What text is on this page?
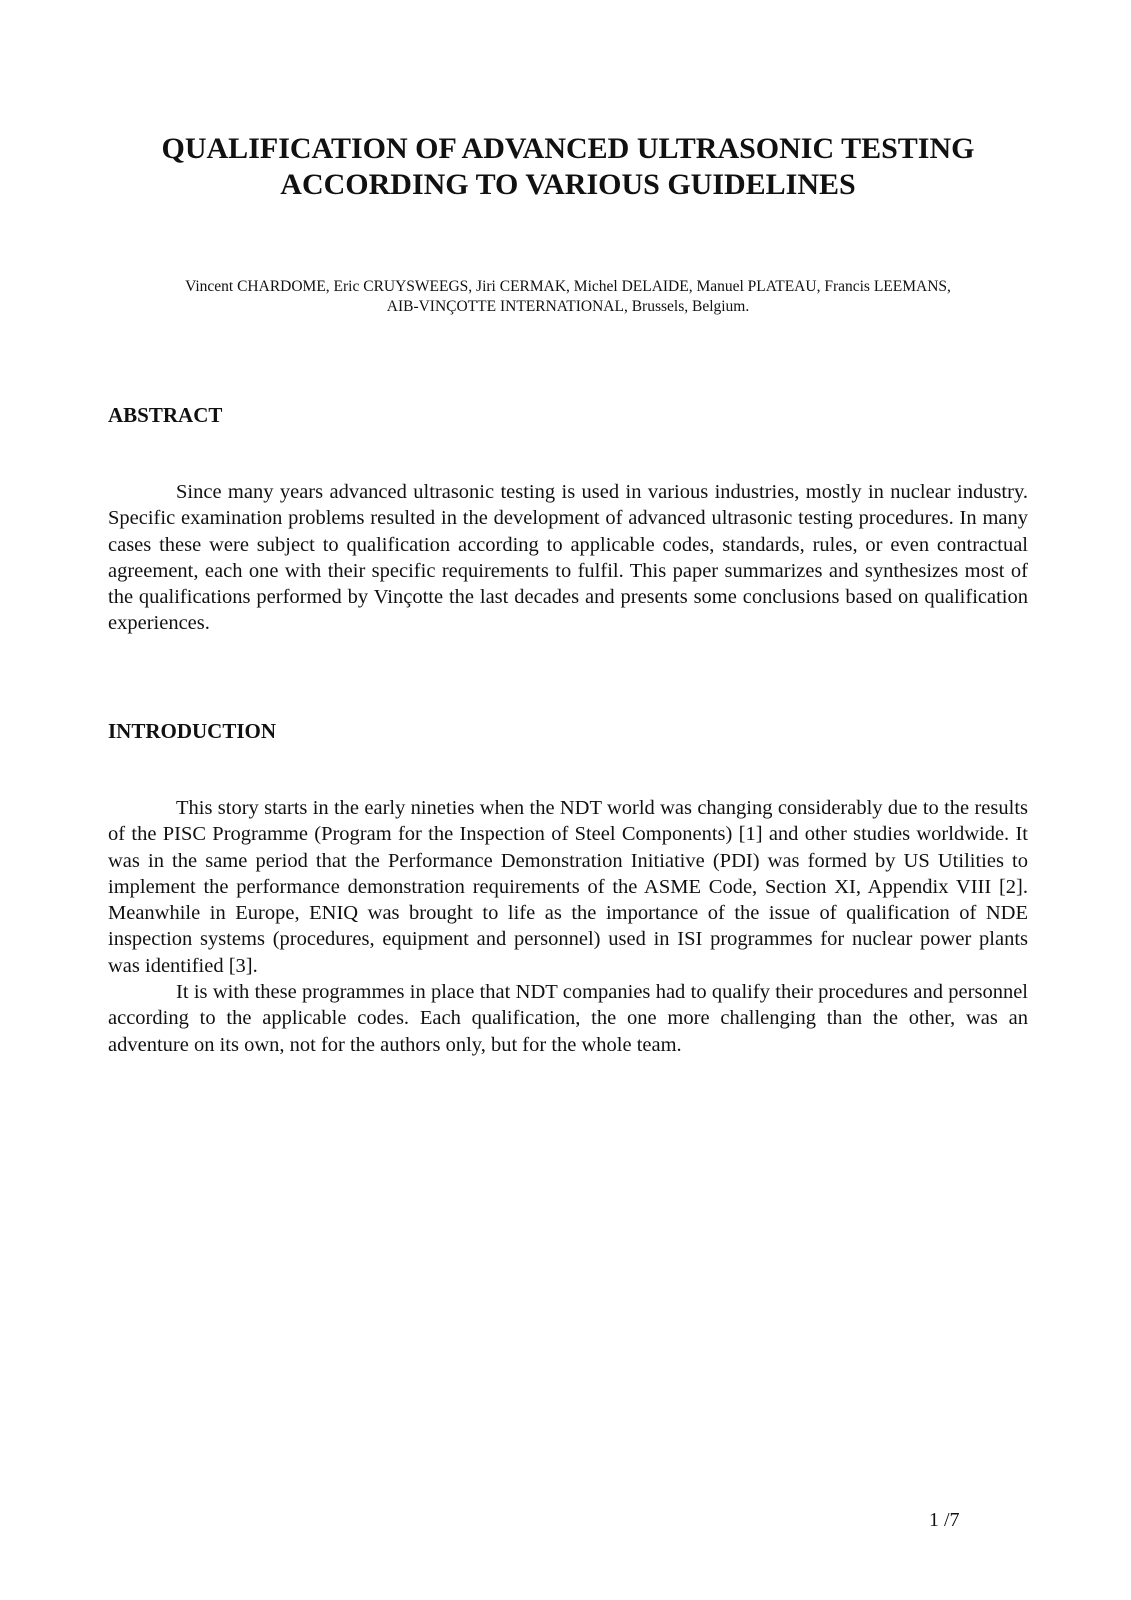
QUALIFICATION OF ADVANCED ULTRASONIC TESTING
ACCORDING TO VARIOUS GUIDELINES
Vincent CHARDOME, Eric CRUYSWEEGS, Jiri CERMAK, Michel DELAIDE, Manuel PLATEAU, Francis LEEMANS,
AIB-VINÇOTTE INTERNATIONAL, Brussels, Belgium.
ABSTRACT

Since many years advanced ultrasonic testing is used in various industries, mostly in nuclear industry. Specific examination problems resulted in the development of advanced ultrasonic testing procedures. In many cases these were subject to qualification according to applicable codes, standards, rules, or even contractual agreement, each one with their specific requirements to fulfil. This paper summarizes and synthesizes most of the qualifications performed by Vinçotte the last decades and presents some conclusions based on qualification experiences.

INTRODUCTION

This story starts in the early nineties when the NDT world was changing considerably due to the results of the PISC Programme (Program for the Inspection of Steel Components) [1] and other studies worldwide. It was in the same period that the Performance Demonstration Initiative (PDI) was formed by US Utilities to implement the performance demonstration requirements of the ASME Code, Section XI, Appendix VIII [2]. Meanwhile in Europe, ENIQ was brought to life as the importance of the issue of qualification of NDE inspection systems (procedures, equipment and personnel) used in ISI programmes for nuclear power plants was identified [3].

It is with these programmes in place that NDT companies had to qualify their procedures and personnel according to the applicable codes. Each qualification, the one more challenging than the other, was an adventure on its own, not for the authors only, but for the whole team.

1 /7
